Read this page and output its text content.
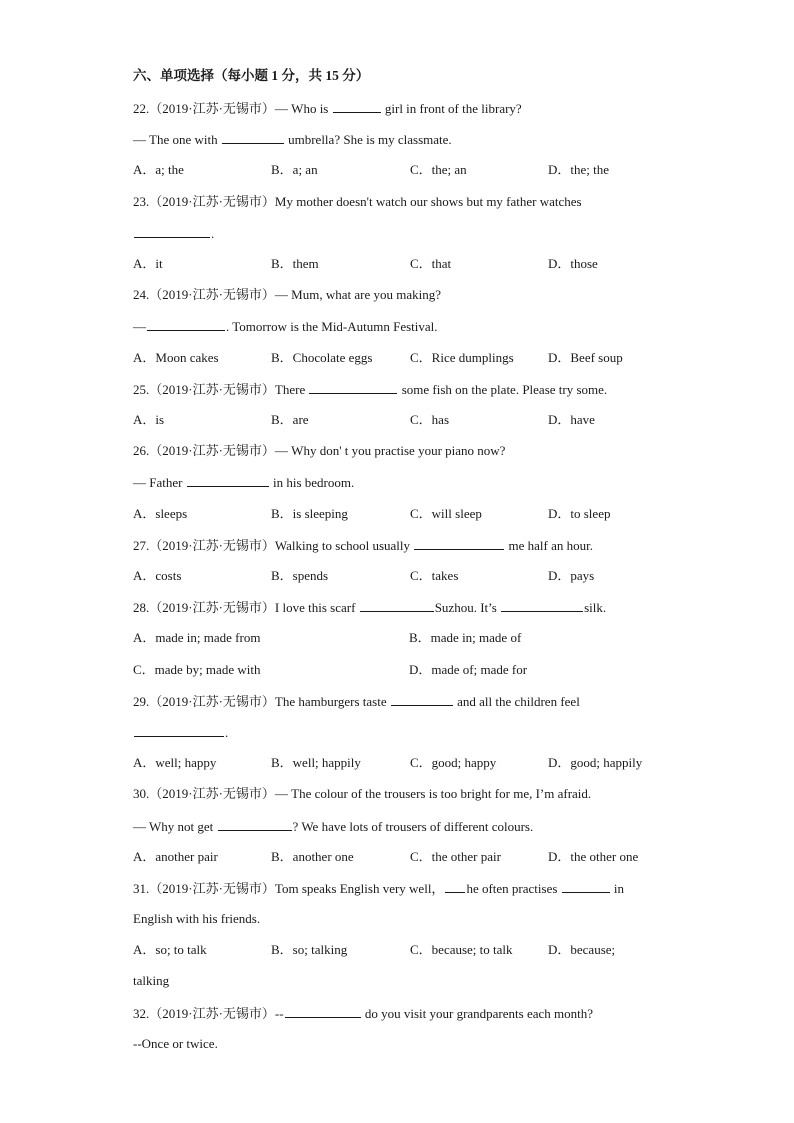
六、单项选择（每小题 1 分，共 15 分）
22.（2019·江苏·无锡市）— Who is	girl in front of the library?
— The one with	umbrella? She is my classmate.
A．a; the	B．a; an	C．the; an	D．the; the
23.（2019·江苏·无锡市）My mother doesn't watch our shows but my father watches
.
A．it	B．them	C．that	D．those
24.（2019·江苏·无锡市）— Mum, what are you making?
—	. Tomorrow is the Mid-Autumn Festival.
A．Moon cakes	B．Chocolate eggs	C．Rice dumplings	D．Beef soup
25.（2019·江苏·无锡市）There	some fish on the plate. Please try some.
A．is	B．are	C．has	D．have
26.（2019·江苏·无锡市）— Why don' t you practise your piano now?
— Father	in his bedroom.
A．sleeps	B．is sleeping	C．will sleep	D．to sleep
27.（2019·江苏·无锡市）Walking to school usually	me half an hour.
A．costs	B．spends	C．takes	D．pays
28.（2019·江苏·无锡市）I love this scarf	Suzhou. It’s	silk.
A．made in; made from	B．made in; made of
C．made by; made with	D．made of; made for
29.（2019·江苏·无锡市）The hamburgers taste	and all the children feel
.
A．well; happy	B．well; happily	C．good; happy	D．good; happily
30.（2019·江苏·无锡市）— The colour of the trousers is too bright for me, I’m afraid.
— Why not get	? We have lots of trousers of different colours.
A．another pair	B．another one	C．the other pair	D．the other one
31.（2019·江苏·无锡市）Tom speaks English very well， he often practises	in
English with his friends.
A．so; to talk	B．so; talking	C．because; to talk	D．because;
talking
32.（2019·江苏·无锡市）--	do you visit your grandparents each month?
--Once or twice.
